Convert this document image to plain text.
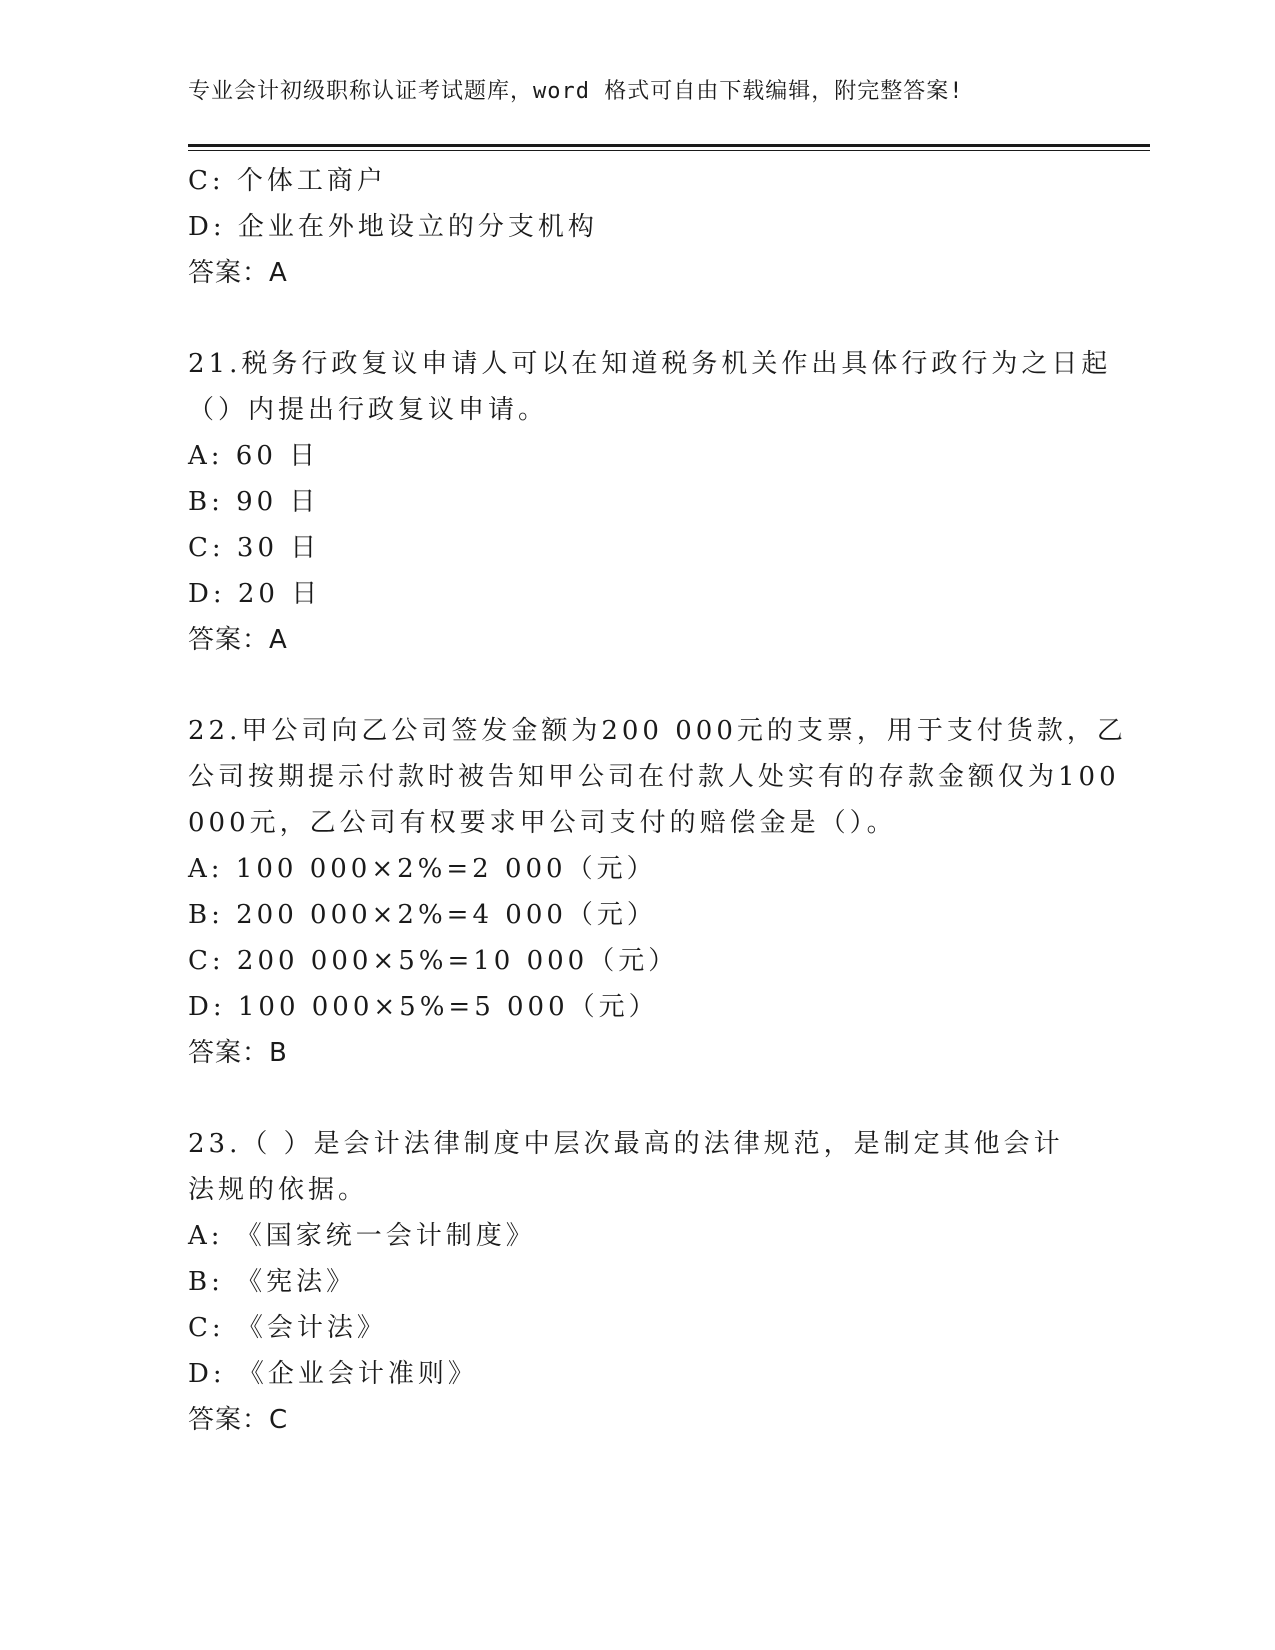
专业会计初级职称认证考试题库，word 格式可自由下载编辑，附完整答案!
C: 个体工商户
D: 企业在外地设立的分支机构
答案：A
21.税务行政复议申请人可以在知道税务机关作出具体行政行为之日起
（）内提出行政复议申请。
A: 60 日
B: 90 日
C: 30 日
D: 20 日
答案：A
22.甲公司向乙公司签发金额为200 000元的支票，用于支付货款，乙
公司按期提示付款时被告知甲公司在付款人处实有的存款金额仅为100
000元，乙公司有权要求甲公司支付的赔偿金是（）。
A: 100 000×2%=2 000（元）
B: 200 000×2%=4 000（元）
C: 200 000×5%=10 000（元）
D: 100 000×5%=5 000（元）
答案：B
23.（ ）是会计法律制度中层次最高的法律规范，是制定其他会计
法规的依据。
A: 《国家统一会计制度》
B: 《宪法》
C: 《会计法》
D: 《企业会计准则》
答案：C
